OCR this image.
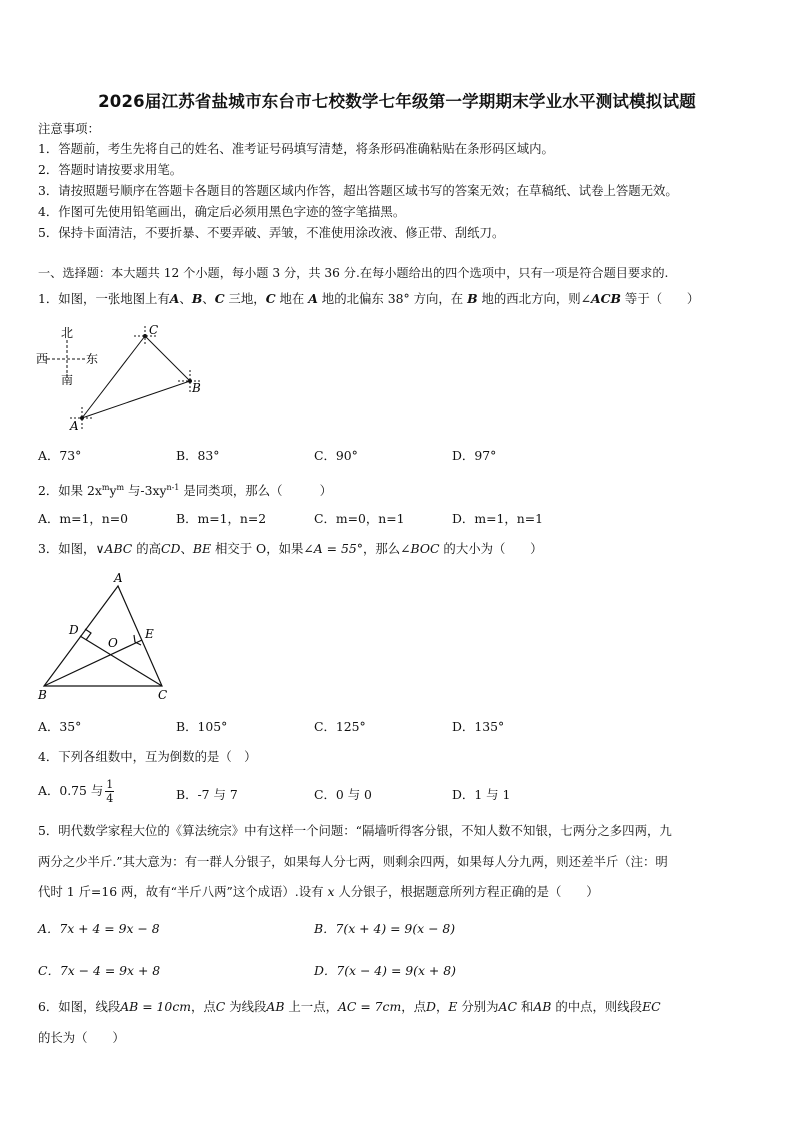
2026届江苏省盐城市东台市七校数学七年级第一学期期末学业水平测试模拟试题
注意事项：
1．答题前，考生先将自己的姓名、准考证号码填写清楚，将条形码准确粘贴在条形码区域内。
2．答题时请按要求用笔。
3．请按照题号顺序在答题卡各题目的答题区域内作答，超出答题区域书写的答案无效；在草稿纸、试卷上答题无效。
4．作图可先使用铅笔画出，确定后必须用黑色字迹的签字笔描黑。
5．保持卡面清洁，不要折暴、不要弄破、弄皱，不准使用涂改液、修正带、刮纸刀。
一、选择题：本大题共 12 个小题，每小题 3 分，共 36 分.在每小题给出的四个选项中，只有一项是符合题目要求的.
1．如图，一张地图上有A、B、C 三地，C 地在 A 地的北偏东 38° 方向，在 B 地的西北方向，则∠ACB 等于（　　）
北
西	东
南
C
B
A
A．73°	B．83°	C．90°	D．97°
2．如果 $2x^my^m$ 与$-3xy^{n-1}$ 是同类项，那么（　　　）
A．m=1，n=0	B．m=1，n=2	C．m=0，n=1	D．m=1，n=1
3．如图，∨ABC 的高CD、BE 相交于 O，如果∠A = 55°，那么∠BOC 的大小为（　　）
A
B	C
D	E
O
A．35°	B．105°	C．125°	D．135°
4．下列各组数中，互为倒数的是（　）
A．0.75 与 $\frac{1}{4}$	B．-7 与 7	C．0 与 0	D．1 与 1
5．明代数学家程大位的《算法统宗》中有这样一个问题：“隔墙听得客分银，不知人数不知银，七两分之多四两，九
两分之少半斤.”其大意为：有一群人分银子，如果每人分七两，则剩余四两，如果每人分九两，则还差半斤（注：明
代时 1 斤=16 两，故有“半斤八两”这个成语）.设有 x 人分银子，根据题意所列方程正确的是（　　）
A．7x + 4 = 9x − 8	B．7(x + 4) = 9(x − 8)
C．7x − 4 = 9x + 8	D．7(x − 4) = 9(x + 8)
6．如图，线段AB = 10cm，点C 为线段AB 上一点，AC = 7cm，点D，E 分别为AC 和AB 的中点，则线段EC
的长为（　　）
